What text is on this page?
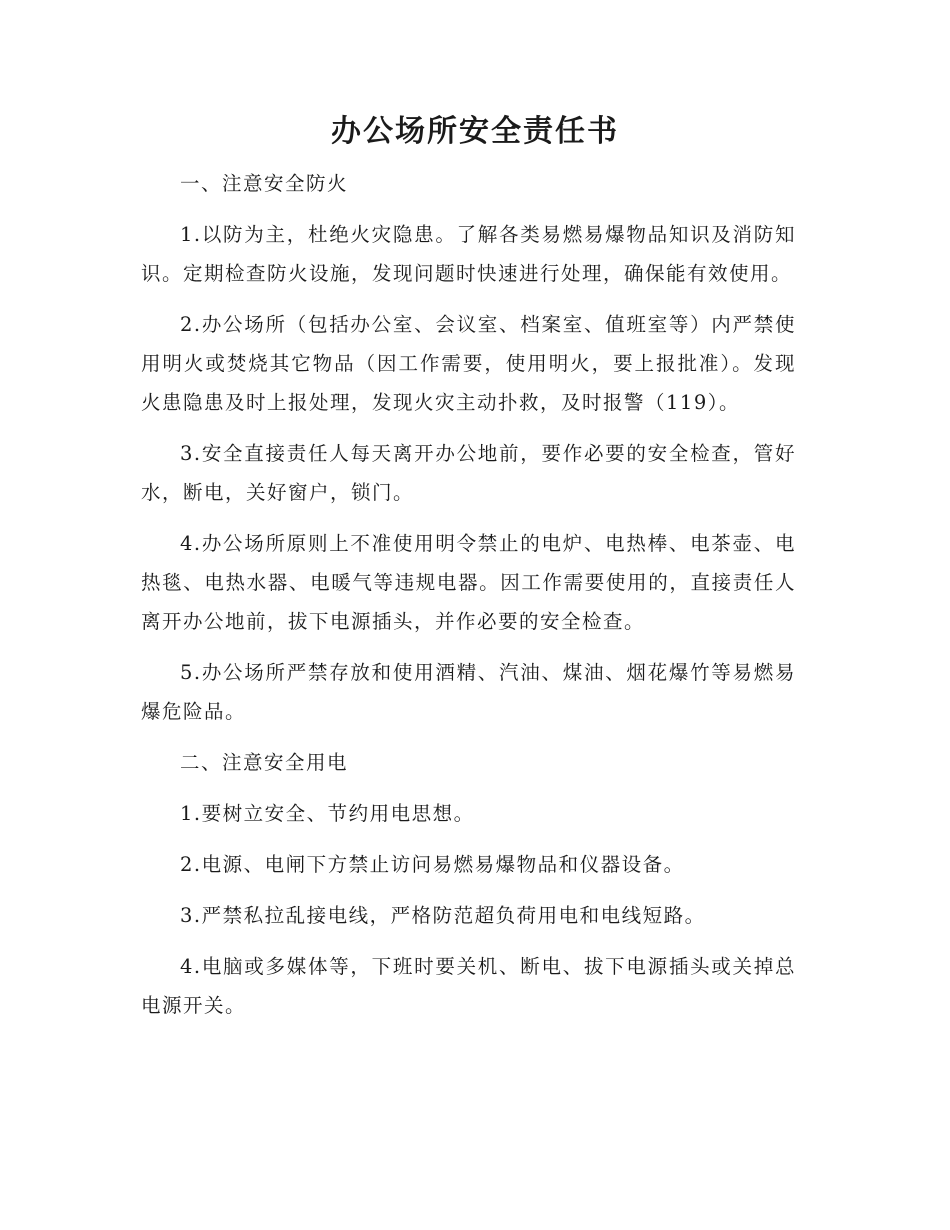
办公场所安全责任书

一、注意安全防火

1.以防为主，杜绝火灾隐患。了解各类易燃易爆物品知识及消防知识。定期检查防火设施，发现问题时快速进行处理，确保能有效使用。

2.办公场所（包括办公室、会议室、档案室、值班室等）内严禁使用明火或焚烧其它物品（因工作需要，使用明火，要上报批准）。发现火患隐患及时上报处理，发现火灾主动扑救，及时报警（119）。

3.安全直接责任人每天离开办公地前，要作必要的安全检查，管好水，断电，关好窗户，锁门。

4.办公场所原则上不准使用明令禁止的电炉、电热棒、电茶壶、电热毯、电热水器、电暖气等违规电器。因工作需要使用的，直接责任人离开办公地前，拔下电源插头，并作必要的安全检查。

5.办公场所严禁存放和使用酒精、汽油、煤油、烟花爆竹等易燃易爆危险品。

二、注意安全用电

1.要树立安全、节约用电思想。

2.电源、电闸下方禁止访问易燃易爆物品和仪器设备。

3.严禁私拉乱接电线，严格防范超负荷用电和电线短路。

4.电脑或多媒体等，下班时要关机、断电、拔下电源插头或关掉总电源开关。
